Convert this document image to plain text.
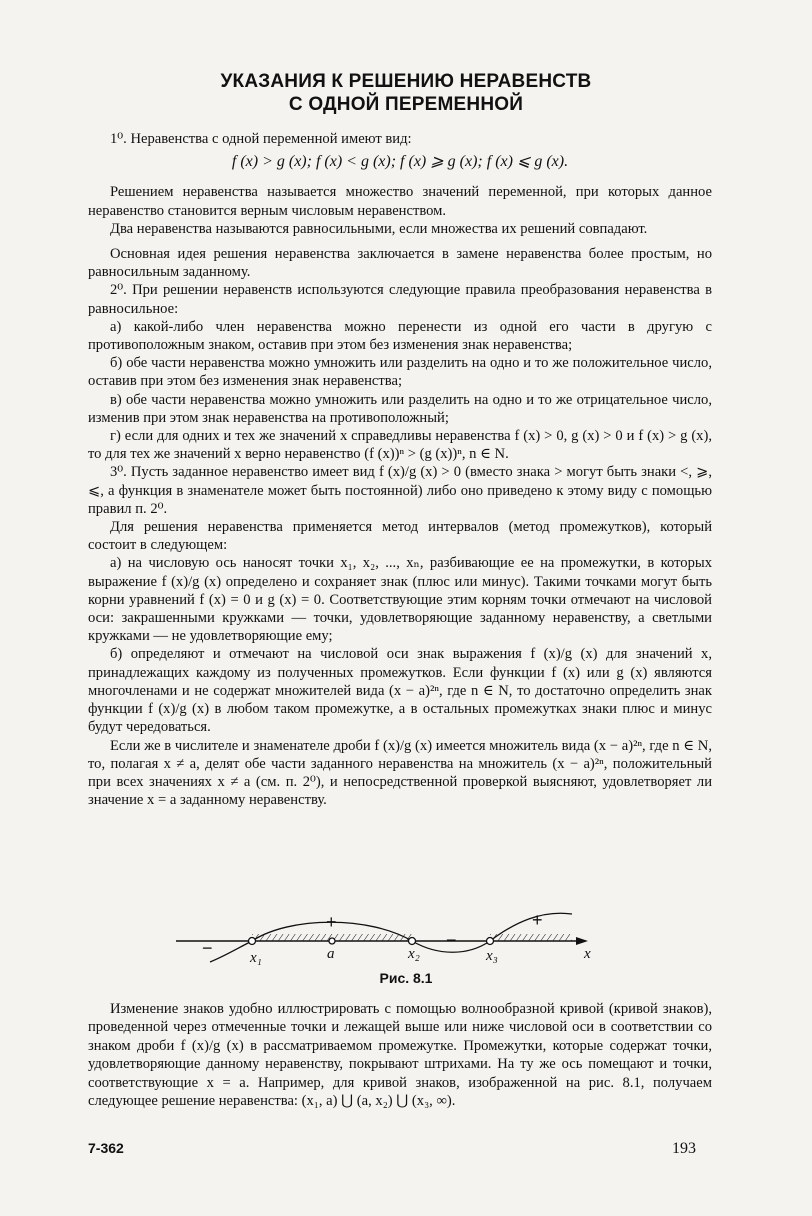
УКАЗАНИЯ К РЕШЕНИЮ НЕРАВЕНСТВ
С ОДНОЙ ПЕРЕМЕННОЙ

1⁰. Неравенства с одной переменной имеют вид:

f (x) > g (x); f (x) < g (x); f (x) ⩾ g (x); f (x) ⩽ g (x).

Решением неравенства называется множество значений переменной, при которых данное неравенство становится верным числовым неравенством.

Два неравенства называются равносильными, если множества их решений совпадают.

Основная идея решения неравенства заключается в замене неравенства более простым, но равносильным заданному.

2⁰. При решении неравенств используются следующие правила преобразования неравенства в равносильное:

а) какой-либо член неравенства можно перенести из одной его части в другую с противоположным знаком, оставив при этом без изменения знак неравенства;

б) обе части неравенства можно умножить или разделить на одно и то же положительное число, оставив при этом без изменения знак неравенства;

в) обе части неравенства можно умножить или разделить на одно и то же отрицательное число, изменив при этом знак неравенства на противоположный;

г) если для одних и тех же значений x справедливы неравенства f (x) > 0, g (x) > 0 и f (x) > g (x), то для тех же значений x верно неравенство (f (x))ⁿ > (g (x))ⁿ, n ∈ N.

3⁰. Пусть заданное неравенство имеет вид f (x)/g (x) > 0 (вместо знака > могут быть знаки <, ⩾, ⩽, а функция в знаменателе может быть постоянной) либо оно приведено к этому виду с помощью правил п. 2⁰.

Для решения неравенства применяется метод интервалов (метод промежутков), который состоит в следующем:

а) на числовую ось наносят точки x₁, x₂, ..., xₙ, разбивающие ее на промежутки, в которых выражение f (x)/g (x) определено и сохраняет знак (плюс или минус). Такими точками могут быть корни уравнений f (x) = 0 и g (x) = 0. Соответствующие этим корням точки отмечают на числовой оси: закрашенными кружками — точки, удовлетворяющие заданному неравенству, а светлыми кружками — не удовлетворяющие ему;

б) определяют и отмечают на числовой оси знак выражения f (x)/g (x) для значений x, принадлежащих каждому из полученных промежутков. Если функции f (x) или g (x) являются многочленами и не содержат множителей вида (x − a)²ⁿ, где n ∈ N, то достаточно определить знак функции f (x)/g (x) в любом таком промежутке, а в остальных промежутках знаки плюс и минус будут чередоваться.

Если же в числителе и знаменателе дроби f (x)/g (x) имеется множитель вида (x − a)²ⁿ, где n ∈ N, то, полагая x ≠ a, делят обе части заданного неравенства на множитель (x − a)²ⁿ, положительный при всех значениях x ≠ a (см. п. 2⁰), и непосредственной проверкой выясняют, удовлетворяет ли значение x = a заданному неравенству.

−
+
−
+
x₁	a	x₂	x₃	x
Рис. 8.1

Изменение знаков удобно иллюстрировать с помощью волнообразной кривой (кривой знаков), проведенной через отмеченные точки и лежащей выше или ниже числовой оси в соответствии со знаком дроби f (x)/g (x) в рассматриваемом промежутке. Промежутки, которые содержат точки, удовлетворяющие данному неравенству, покрывают штрихами. На ту же ось помещают и точки, соответствующие x = a. Например, для кривой знаков, изображенной на рис. 8.1, получаем следующее решение неравенства: (x₁, a) ⋃ (a, x₂) ⋃ (x₃, ∞).

7-362	193
